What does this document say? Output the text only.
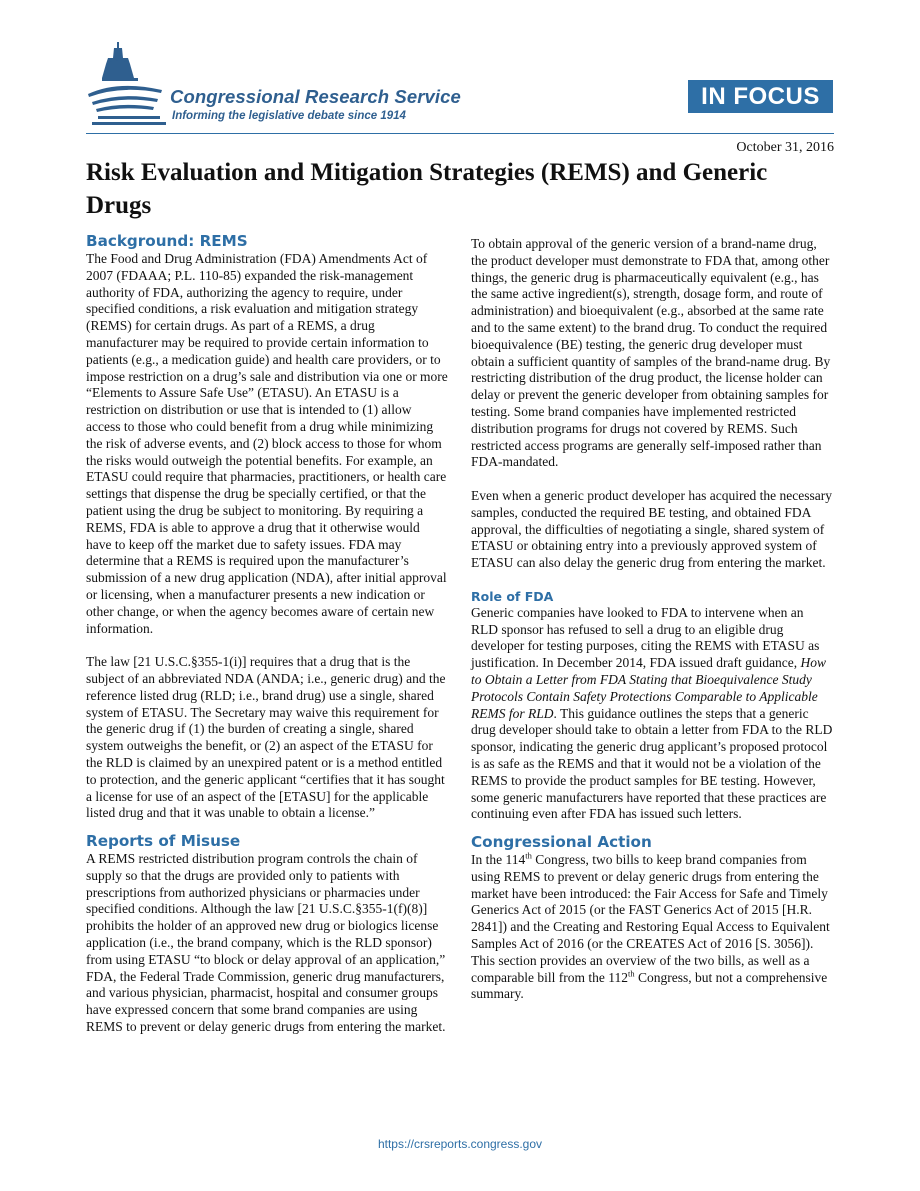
Congressional Research Service
Informing the legislative debate since 1914
IN FOCUS
October 31, 2016
Risk Evaluation and Mitigation Strategies (REMS) and Generic Drugs
Background: REMS

The Food and Drug Administration (FDA) Amendments Act of 2007 (FDAAA; P.L. 110-85) expanded the risk-management authority of FDA, authorizing the agency to require, under specified conditions, a risk evaluation and mitigation strategy (REMS) for certain drugs. As part of a REMS, a drug manufacturer may be required to provide certain information to patients (e.g., a medication guide) and health care providers, or to impose restriction on a drug’s sale and distribution via one or more “Elements to Assure Safe Use” (ETASU). An ETASU is a restriction on distribution or use that is intended to (1) allow access to those who could benefit from a drug while minimizing the risk of adverse events, and (2) block access to those for whom the risks would outweigh the potential benefits. For example, an ETASU could require that pharmacies, practitioners, or health care settings that dispense the drug be specially certified, or that the patient using the drug be subject to monitoring. By requiring a REMS, FDA is able to approve a drug that it otherwise would have to keep off the market due to safety issues. FDA may determine that a REMS is required upon the manufacturer’s submission of a new drug application (NDA), after initial approval or licensing, when a manufacturer presents a new indication or other change, or when the agency becomes aware of certain new information.

The law [21 U.S.C.§355-1(i)] requires that a drug that is the subject of an abbreviated NDA (ANDA; i.e., generic drug) and the reference listed drug (RLD; i.e., brand drug) use a single, shared system of ETASU. The Secretary may waive this requirement for the generic drug if (1) the burden of creating a single, shared system outweighs the benefit, or (2) an aspect of the ETASU for the RLD is claimed by an unexpired patent or is a method entitled to protection, and the generic applicant “certifies that it has sought a license for use of an aspect of the [ETASU] for the applicable listed drug and that it was unable to obtain a license.”

Reports of Misuse

A REMS restricted distribution program controls the chain of supply so that the drugs are provided only to patients with prescriptions from authorized physicians or pharmacies under specified conditions. Although the law [21 U.S.C.§355-1(f)(8)] prohibits the holder of an approved new drug or biologics license application (i.e., the brand company, which is the RLD sponsor) from using ETASU “to block or delay approval of an application,” FDA, the Federal Trade Commission, generic drug manufacturers, and various physician, pharmacist, hospital and consumer groups have expressed concern that some brand companies are using REMS to prevent or delay generic drugs from entering the market.

To obtain approval of the generic version of a brand-name drug, the product developer must demonstrate to FDA that, among other things, the generic drug is pharmaceutically equivalent (e.g., has the same active ingredient(s), strength, dosage form, and route of administration) and bioequivalent (e.g., absorbed at the same rate and to the same extent) to the brand drug. To conduct the required bioequivalence (BE) testing, the generic drug developer must obtain a sufficient quantity of samples of the brand-name drug. By restricting distribution of the drug product, the license holder can delay or prevent the generic developer from obtaining samples for testing. Some brand companies have implemented restricted distribution programs for drugs not covered by REMS. Such restricted access programs are generally self-imposed rather than FDA-mandated.

Even when a generic product developer has acquired the necessary samples, conducted the required BE testing, and obtained FDA approval, the difficulties of negotiating a single, shared system of ETASU or obtaining entry into a previously approved system of ETASU can also delay the generic drug from entering the market.

Role of FDA

Generic companies have looked to FDA to intervene when an RLD sponsor has refused to sell a drug to an eligible drug developer for testing purposes, citing the REMS with ETASU as justification. In December 2014, FDA issued draft guidance, How to Obtain a Letter from FDA Stating that Bioequivalence Study Protocols Contain Safety Protections Comparable to Applicable REMS for RLD. This guidance outlines the steps that a generic drug developer should take to obtain a letter from FDA to the RLD sponsor, indicating the generic drug applicant’s proposed protocol is as safe as the REMS and that it would not be a violation of the REMS to provide the product samples for BE testing. However, some generic manufacturers have reported that these practices are continuing even after FDA has issued such letters.

Congressional Action

In the 114th Congress, two bills to keep brand companies from using REMS to prevent or delay generic drugs from entering the market have been introduced: the Fair Access for Safe and Timely Generics Act of 2015 (or the FAST Generics Act of 2015 [H.R. 2841]) and the Creating and Restoring Equal Access to Equivalent Samples Act of 2016 (or the CREATES Act of 2016 [S. 3056]). This section provides an overview of the two bills, as well as a comparable bill from the 112th Congress, but not a comprehensive summary.

https://crsreports.congress.gov
